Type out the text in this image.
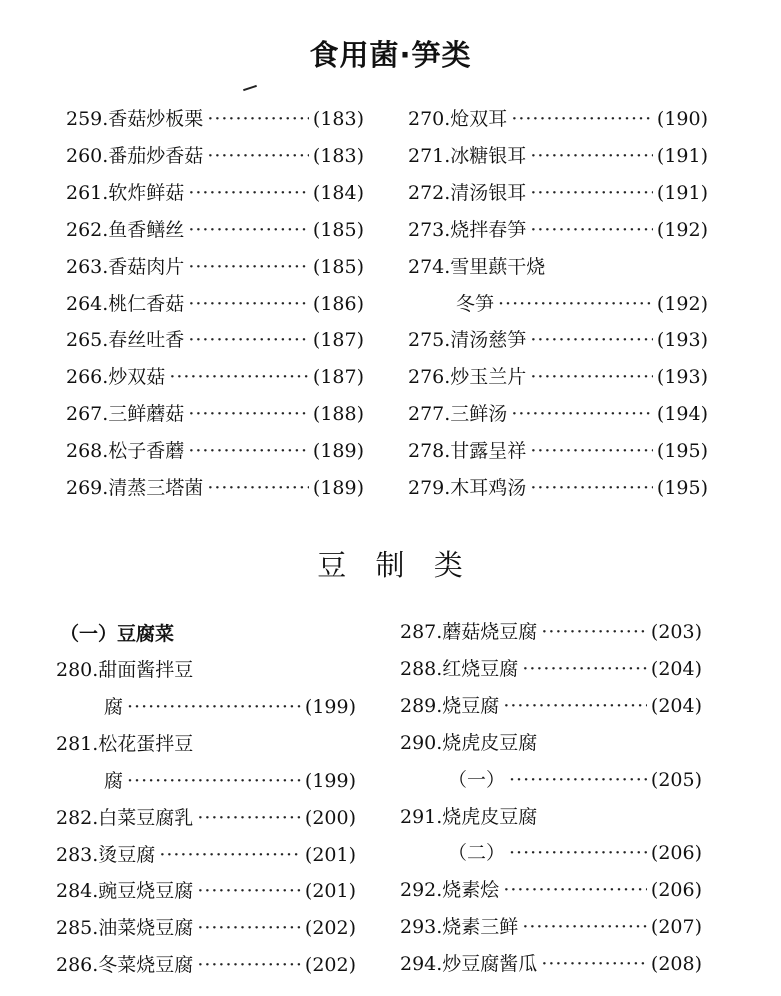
食用菌·笋类
豆 制 类
（一）豆腐菜
259.香菇炒板栗 ·····	(183)
260.番茄炒香菇 ·····	(183)
261.软炸鲜菇 ·····	(184)
262.鱼香鳝丝 ·····	(185)
263.香菇肉片 ·····	(185)
264.桃仁香菇 ·····	(186)
265.春丝吐香 ·····	(187)
266.炒双菇 ·····	(187)
267.三鲜蘑菇 ·····	(188)
268.松子香蘑 ·····	(189)
269.清蒸三塔菌 ·····	(189)
270.炝双耳 ·····	(190)
271.冰糖银耳 ·····	(191)
272.清汤银耳 ·····	(191)
273.烧拌春笋 ·····	(192)
274.雪里蕻干烧
冬笋 ·····	(192)
275.清汤慈笋 ·····	(193)
276.炒玉兰片 ·····	(193)
277.三鲜汤 ·····	(194)
278.甘露呈祥 ·····	(195)
279.木耳鸡汤 ·····	(195)
280.甜面酱拌豆
腐 ·····	(199)
281.松花蛋拌豆
腐 ·····	(199)
282.白菜豆腐乳 ·····	(200)
283.烫豆腐 ·····	(201)
284.豌豆烧豆腐 ·····	(201)
285.油菜烧豆腐 ·····	(202)
286.冬菜烧豆腐 ·····	(202)
287.蘑菇烧豆腐 ·····	(203)
288.红烧豆腐 ·····	(204)
289.烧豆腐 ·····	(204)
290.烧虎皮豆腐
（一） ·····	(205)
291.烧虎皮豆腐
（二） ·····	(206)
292.烧素烩 ·····	(206)
293.烧素三鲜 ·····	(207)
294.炒豆腐酱瓜 ·····	(208)
